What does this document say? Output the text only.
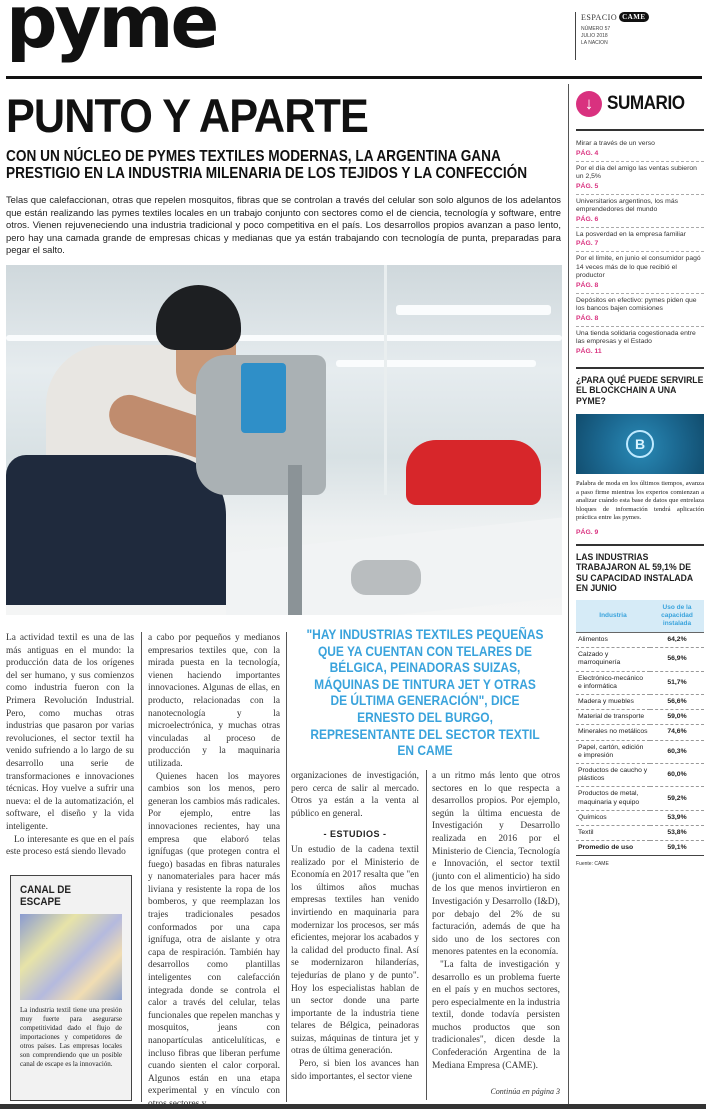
pyme	ESPACIO CAME
NÚMERO 57
JULIO 2018
LA NACION
PUNTO Y APARTE
CON UN NÚCLEO DE PYMES TEXTILES MODERNAS, LA ARGENTINA GANA PRESTIGIO EN LA INDUSTRIA MILENARIA DE LOS TEJIDOS Y LA CONFECCIÓN

Telas que calefaccionan, otras que repelen mosquitos, fibras que se controlan a través del celular son solo algunos de los adelantos que están realizando las pymes textiles locales en un trabajo conjunto con sectores como el de ciencia, tecnología y software, entre otros. Vienen rejuveneciendo una industria tradicional y poco competitiva en el país. Los desarrollos propios avanzan a paso lento, pero hay una camada grande de empresas chicas y medianas que ya están trabajando con tecnología de punta, preparadas para pegar el salto.

La actividad textil es una de las más antiguas en el mundo: la producción data de los orígenes del ser humano, y sus comienzos como industria fueron con la Primera Revolución Industrial. Pero, como muchas otras industrias que pasaron por varias revoluciones, el sector textil ha venido sufriendo a lo largo de su desarrollo una serie de transformaciones e innovaciones técnicas. Hoy vuelve a sufrir una nueva: el de la automatización, el software, el diseño y la vida inteligente.

Lo interesante es que en el país este proceso está siendo llevado

a cabo por pequeños y medianos empresarios textiles que, con la mirada puesta en la tecnología, vienen haciendo importantes innovaciones. Algunas de ellas, en producto, relacionadas con la nanotecnología y la microelectrónica, y muchas otras vinculadas al proceso de producción y la maquinaria utilizada.

Quienes hacen los mayores cambios son los menos, pero generan los cambios más radicales. Por ejemplo, entre las innovaciones recientes, hay una empresa que elaboró telas ignífugas (que protegen contra el fuego) basadas en fibras naturales y nanomateriales para hacer más liviana y resistente la ropa de los bomberos, y que reemplazan los trajes tradicionales pesados conformados por una capa ignífuga, otra de aislante y otra capa de respiración. También hay desarrollos como plantillas inteligentes con calefacción integrada donde se controla el calor a través del celular, telas funcionales que repelen manchas y mosquitos, jeans con nanopartículas anticelulíticas, e incluso fibras que liberan perfume cuando sienten el calor corporal. Algunos están en una etapa experimental y en vínculo con

"HAY INDUSTRIAS TEXTILES PEQUEÑAS QUE YA CUENTAN CON TELARES DE BÉLGICA, PEINADORAS SUIZAS, MÁQUINAS DE TINTURA JET Y OTRAS DE ÚLTIMA GENERACIÓN", DICE ERNESTO DEL BURGO, REPRESENTANTE DEL SECTOR TEXTIL EN CAME

organizaciones de investigación, pero cerca de salir al mercado. Otros ya están a la venta al público en general.

- ESTUDIOS -

Un estudio de la cadena textil realizado por el Ministerio de Economía en 2017 resalta que "en los últimos años muchas empresas textiles han venido invirtiendo en maquinaria para modernizar los procesos, ser más eficientes, mejorar los acabados y la calidad del producto final. Así se modernizaron hilanderías, tejedurías de plano y de punto". Hoy los especialistas hablan de un sector donde una parte importante de la industria tiene telares de Bélgica, peinadoras suizas, máquinas de tintura jet y otras de última generación.

Pero, si bien los avances han sido importantes, el sector viene

a un ritmo más lento que otros sectores en lo que respecta a desarrollos propios. Por ejemplo, según la última encuesta de Investigación y Desarrollo realizada en 2016 por el Ministerio de Ciencia, Tecnología e Innovación, el sector textil (junto con el alimenticio) ha sido de los que menos invirtieron en Investigación y Desarrollo (I&D), por debajo del 2% de su facturación, además de que ha sido uno de los sectores con menores patentes en la economía.

"La falta de investigación y desarrollo es un problema fuerte en el país y en muchos sectores, pero especialmente en la industria textil, donde todavía persisten muchos productos que son tradicionales", dicen desde la Confederación Argentina de la Mediana Empresa (CAME).

Continúa en página 3
CANAL DE ESCAPE

La industria textil tiene una presión muy fuerte para asegurarse competitividad dado el flujo de importaciones y competidores de otros países. Las empresas locales son comprendiendo que un posible canal de escape es la innovación.

↓ SUMARIO
Mirar a través de un verso
PÁG. 4
Por el día del amigo las ventas subieron un 2,5%
PÁG. 5
Universitarios argentinos, los más emprendedores del mundo
PÁG. 6
La posverdad en la empresa familiar
PÁG. 7
Por el límite, en junio el consumidor pagó 14 veces más de lo que recibió el productor
PÁG. 8
Depósitos en efectivo: pymes piden que los bancos bajen comisiones
PÁG. 8
Una tienda solidaria cogestionada entre las empresas y el Estado
PÁG. 11
¿PARA QUÉ PUEDE SERVIRLE EL BLOCKCHAIN A UNA PYME?
B
Palabra de moda en los últimos tiempos, avanza a paso firme mientras los expertos comienzan a analizar cuándo esta base de datos que entrelaza bloques de información tendrá aplicación práctica entre las pymes.
PÁG. 9
LAS INDUSTRIAS TRABAJARON AL 59,1% DE SU CAPACIDAD INSTALADA EN JUNIO
Industria	Uso de la capacidad instalada
Alimentos	64,2%
Calzado y marroquinería	56,9%
Electrónico-mecánico e informática	51,7%
Madera y muebles	56,6%
Material de transporte	59,0%
Minerales no metálicos	74,6%
Papel, cartón, edición e impresión	60,3%
Productos de caucho y plásticos	60,0%
Productos de metal, maquinaria y equipo	59,2%
Químicos	53,9%
Textil	53,8%
Promedio de uso	59,1%
Fuente: CAME
